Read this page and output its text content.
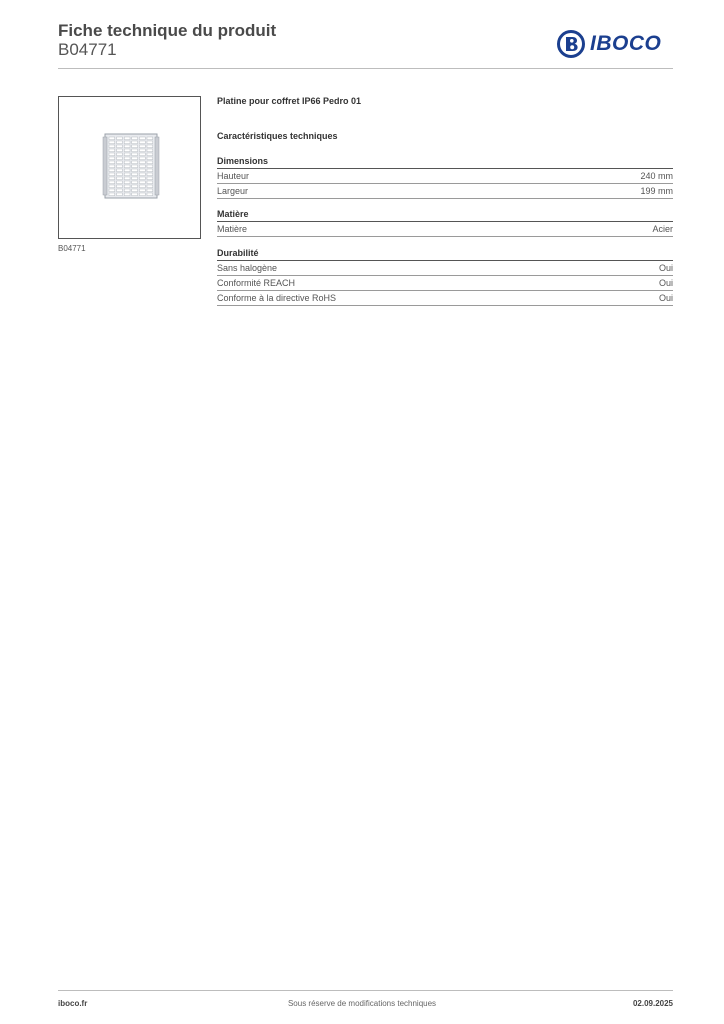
Fiche technique du produit
B04771	IBOCO
B04771
Platine pour coffret IP66 Pedro 01
Caractéristiques techniques
Dimensions
Hauteur	240 mm
Largeur	199 mm
Matière
Matière	Acier
Durabilité
Sans halogène	Oui
Conformité REACH	Oui
Conforme à la directive RoHS	Oui
iboco.fr	Sous réserve de modifications techniques	02.09.2025
